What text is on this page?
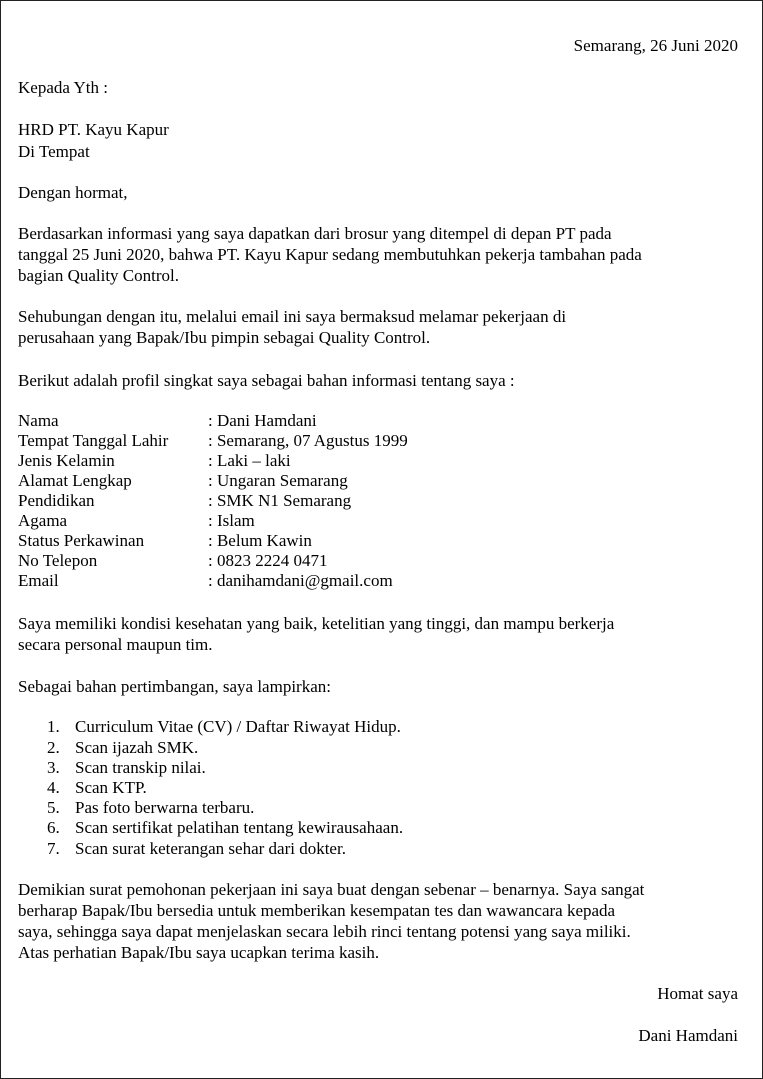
Semarang, 26 Juni 2020
Kepada Yth :
HRD PT. Kayu Kapur
Di Tempat
Dengan hormat,
Berdasarkan informasi yang saya dapatkan dari brosur yang ditempel di depan PT pada
tanggal 25 Juni 2020, bahwa PT. Kayu Kapur sedang membutuhkan pekerja tambahan pada
bagian Quality Control.
Sehubungan dengan itu, melalui email ini saya bermaksud melamar pekerjaan di
perusahaan yang Bapak/Ibu pimpin sebagai Quality Control.
Berikut adalah profil singkat saya sebagai bahan informasi tentang saya :
Nama	: Dani Hamdani
Tempat Tanggal Lahir : Semarang, 07 Agustus 1999
Jenis Kelamin	: Laki – laki
Alamat Lengkap	: Ungaran Semarang
Pendidikan	: SMK N1 Semarang
Agama	: Islam
Status Perkawinan	: Belum Kawin
No Telepon	: 0823 2224 0471
Email	: danihamdani@gmail.com
Saya memiliki kondisi kesehatan yang baik, ketelitian yang tinggi, dan mampu berkerja
secara personal maupun tim.
Sebagai bahan pertimbangan, saya lampirkan:
1. Curriculum Vitae (CV) / Daftar Riwayat Hidup.
2. Scan ijazah SMK.
3. Scan transkip nilai.
4. Scan KTP.
5. Pas foto berwarna terbaru.
6. Scan sertifikat pelatihan tentang kewirausahaan.
7. Scan surat keterangan sehar dari dokter.
Demikian surat pemohonan pekerjaan ini saya buat dengan sebenar – benarnya. Saya sangat
berharap Bapak/Ibu bersedia untuk memberikan kesempatan tes dan wawancara kepada
saya, sehingga saya dapat menjelaskan secara lebih rinci tentang potensi yang saya miliki.
Atas perhatian Bapak/Ibu saya ucapkan terima kasih.
Homat saya
Dani Hamdani
